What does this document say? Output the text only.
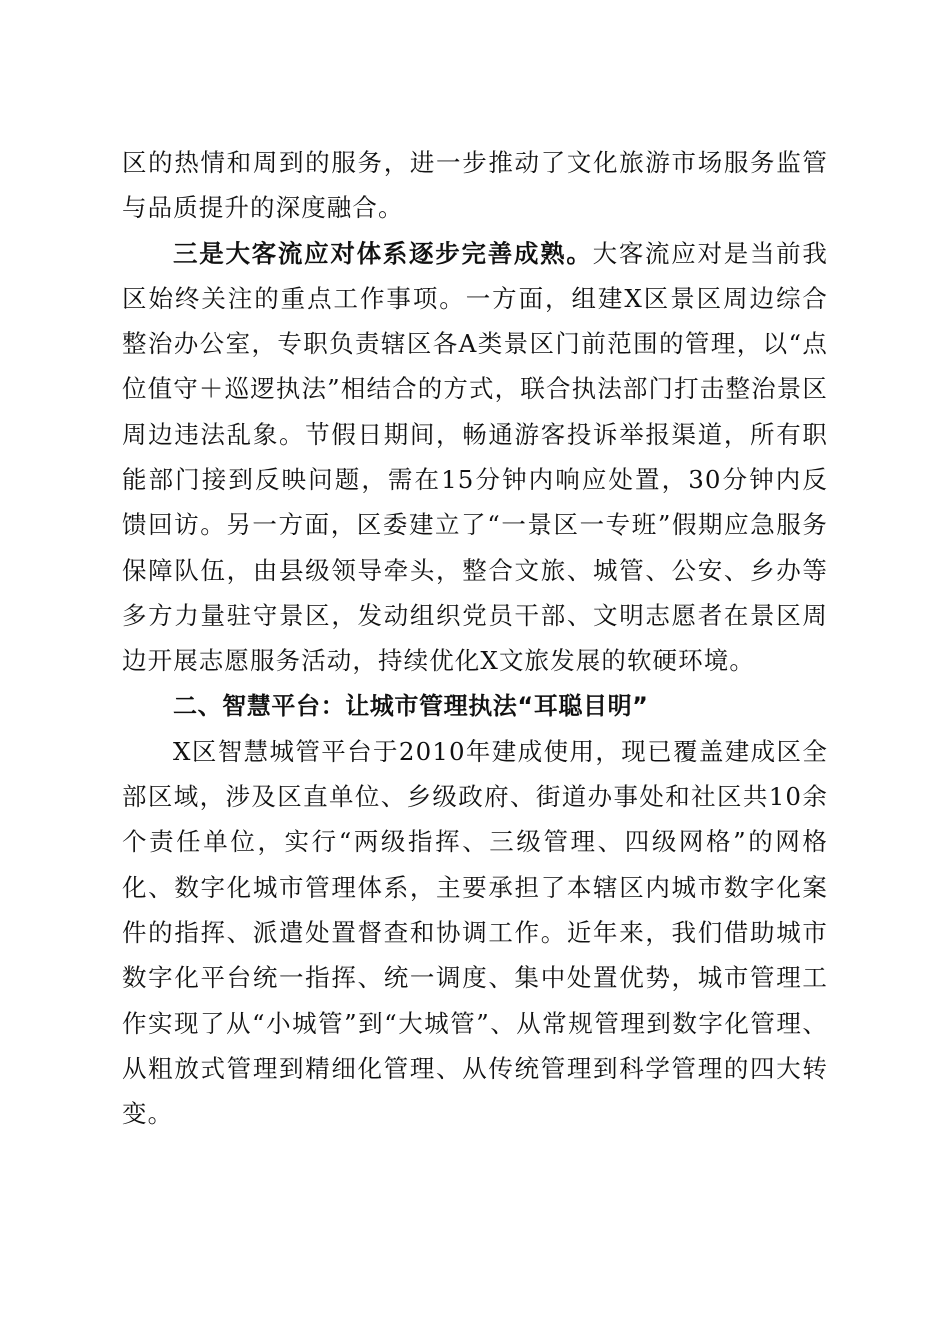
区的热情和周到的服务，进一步推动了文化旅游市场服务监管与品质提升的深度融合。

三是大客流应对体系逐步完善成熟。大客流应对是当前我区始终关注的重点工作事项。一方面，组建X区景区周边综合整治办公室，专职负责辖区各A类景区门前范围的管理，以“点位值守＋巡逻执法”相结合的方式，联合执法部门打击整治景区周边违法乱象。节假日期间，畅通游客投诉举报渠道，所有职能部门接到反映问题，需在15分钟内响应处置，30分钟内反馈回访。另一方面，区委建立了“一景区一专班”假期应急服务保障队伍，由县级领导牵头，整合文旅、城管、公安、乡办等多方力量驻守景区，发动组织党员干部、文明志愿者在景区周边开展志愿服务活动，持续优化X文旅发展的软硬环境。

二、智慧平台：让城市管理执法“耳聪目明”

X区智慧城管平台于2010年建成使用，现已覆盖建成区全部区域，涉及区直单位、乡级政府、街道办事处和社区共10余个责任单位，实行“两级指挥、三级管理、四级网格”的网格化、数字化城市管理体系，主要承担了本辖区内城市数字化案件的指挥、派遣处置督查和协调工作。近年来，我们借助城市数字化平台统一指挥、统一调度、集中处置优势，城市管理工作实现了从“小城管”到“大城管”、从常规管理到数字化管理、从粗放式管理到精细化管理、从传统管理到科学管理的四大转变。
